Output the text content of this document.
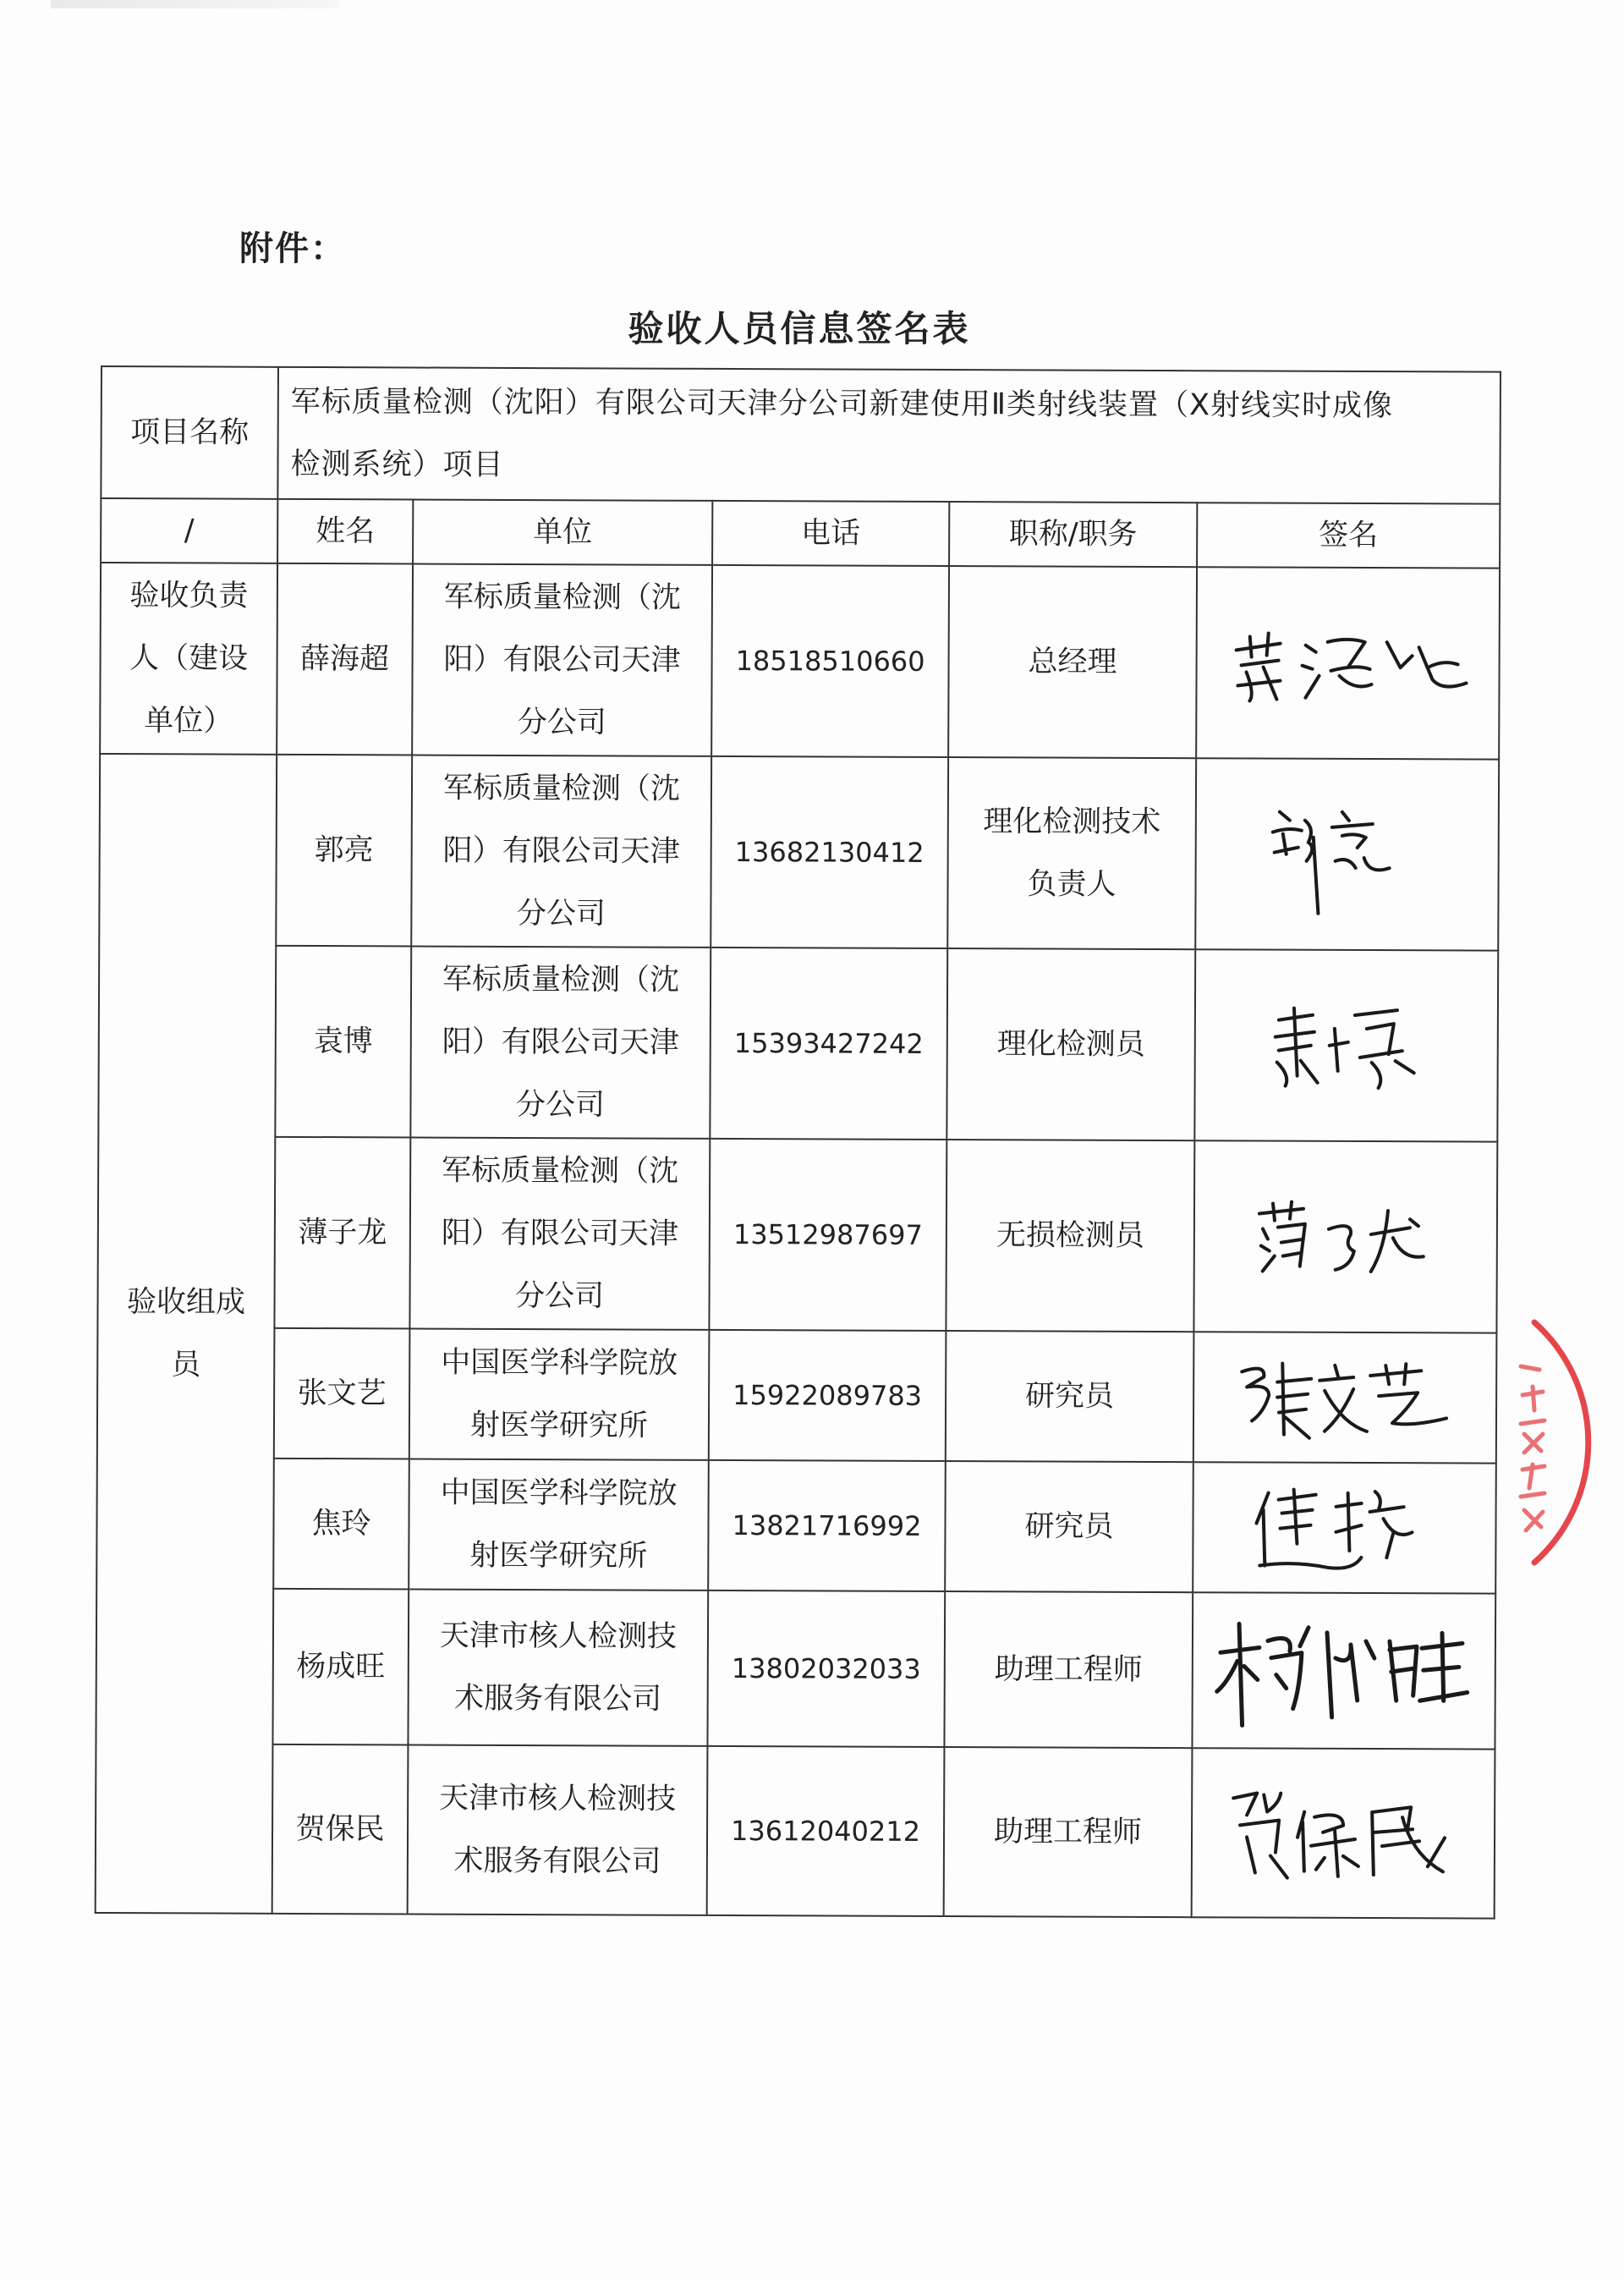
附件：
验收人员信息签名表
项目名称	军标质量检测（沈阳）有限公司天津分公司新建使用Ⅱ类射线装置（X射线实时成像
检测系统）项目				
/	姓名	单位	电话	职称/职务	签名
验收负责
人（建设
单位）	薛海超	军标质量检测（沈
阳）有限公司天津
分公司	18518510660	总经理	

验收组成
员	郭亮	军标质量检测（沈
阳）有限公司天津
分公司	13682130412	理化检测技术
负责人	

	袁博	军标质量检测（沈
阳）有限公司天津
分公司	15393427242	理化检测员	

	薄子龙	军标质量检测（沈
阳）有限公司天津
分公司	13512987697	无损检测员	

	张文艺	中国医学科学院放
射医学研究所	15922089783	研究员	

	焦玲	中国医学科学院放
射医学研究所	13821716992	研究员	

	杨成旺	天津市核人检测技
术服务有限公司	13802032033	助理工程师	

	贺保民	天津市核人检测技
术服务有限公司	13612040212	助理工程师	
